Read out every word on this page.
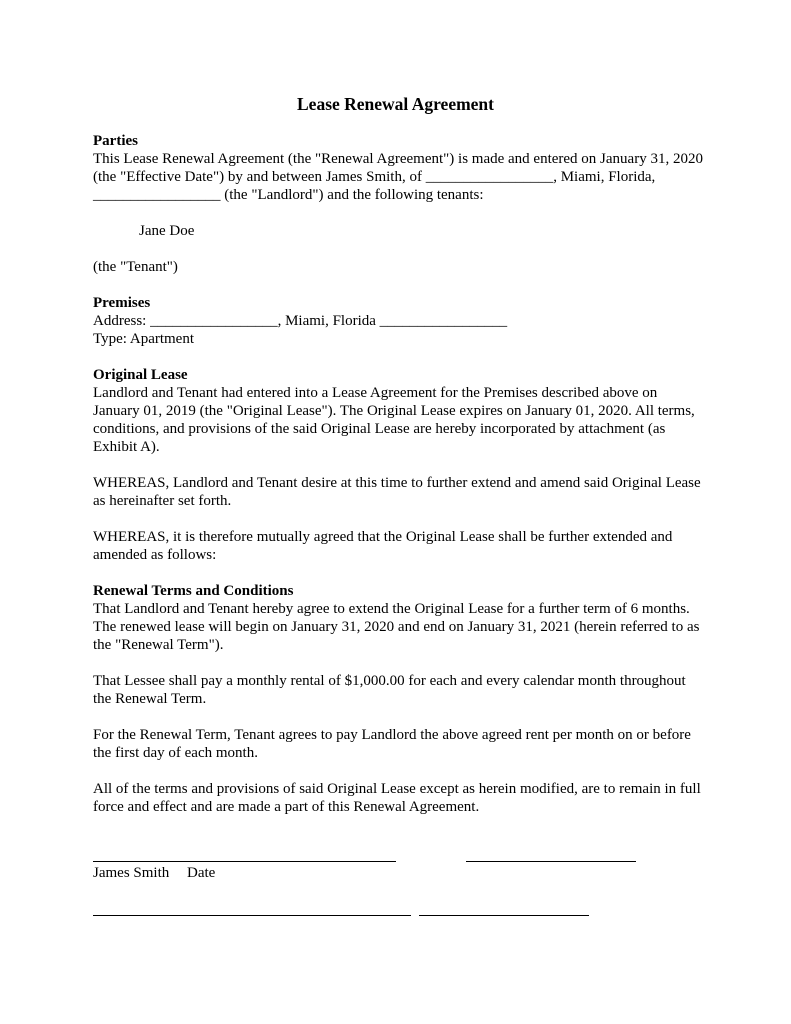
Lease Renewal Agreement

Parties

This Lease Renewal Agreement (the "Renewal Agreement") is made and entered on January 31, 2020 (the "Effective Date") by and between James Smith, of _________________, Miami, Florida, _________________ (the "Landlord") and the following tenants:

Jane Doe

(the "Tenant")

Premises

Address: _________________, Miami, Florida _________________

Type: Apartment

Original Lease

Landlord and Tenant had entered into a Lease Agreement for the Premises described above on January 01, 2019 (the "Original Lease"). The Original Lease expires on January 01, 2020. All terms, conditions, and provisions of the said Original Lease are hereby incorporated by attachment (as Exhibit A).

WHEREAS, Landlord and Tenant desire at this time to further extend and amend said Original Lease as hereinafter set forth.

WHEREAS, it is therefore mutually agreed that the Original Lease shall be further extended and amended as follows:

Renewal Terms and Conditions

That Landlord and Tenant hereby agree to extend the Original Lease for a further term of 6 months. The renewed lease will begin on January 31, 2020 and end on January 31, 2021 (herein referred to as the "Renewal Term").

That Lessee shall pay a monthly rental of $1,000.00 for each and every calendar month throughout the Renewal Term.

For the Renewal Term, Tenant agrees to pay Landlord the above agreed rent per month on or before the first day of each month.

All of the terms and provisions of said Original Lease except as herein modified, are to remain in full force and effect and are made a part of this Renewal Agreement.

James Smith Date
